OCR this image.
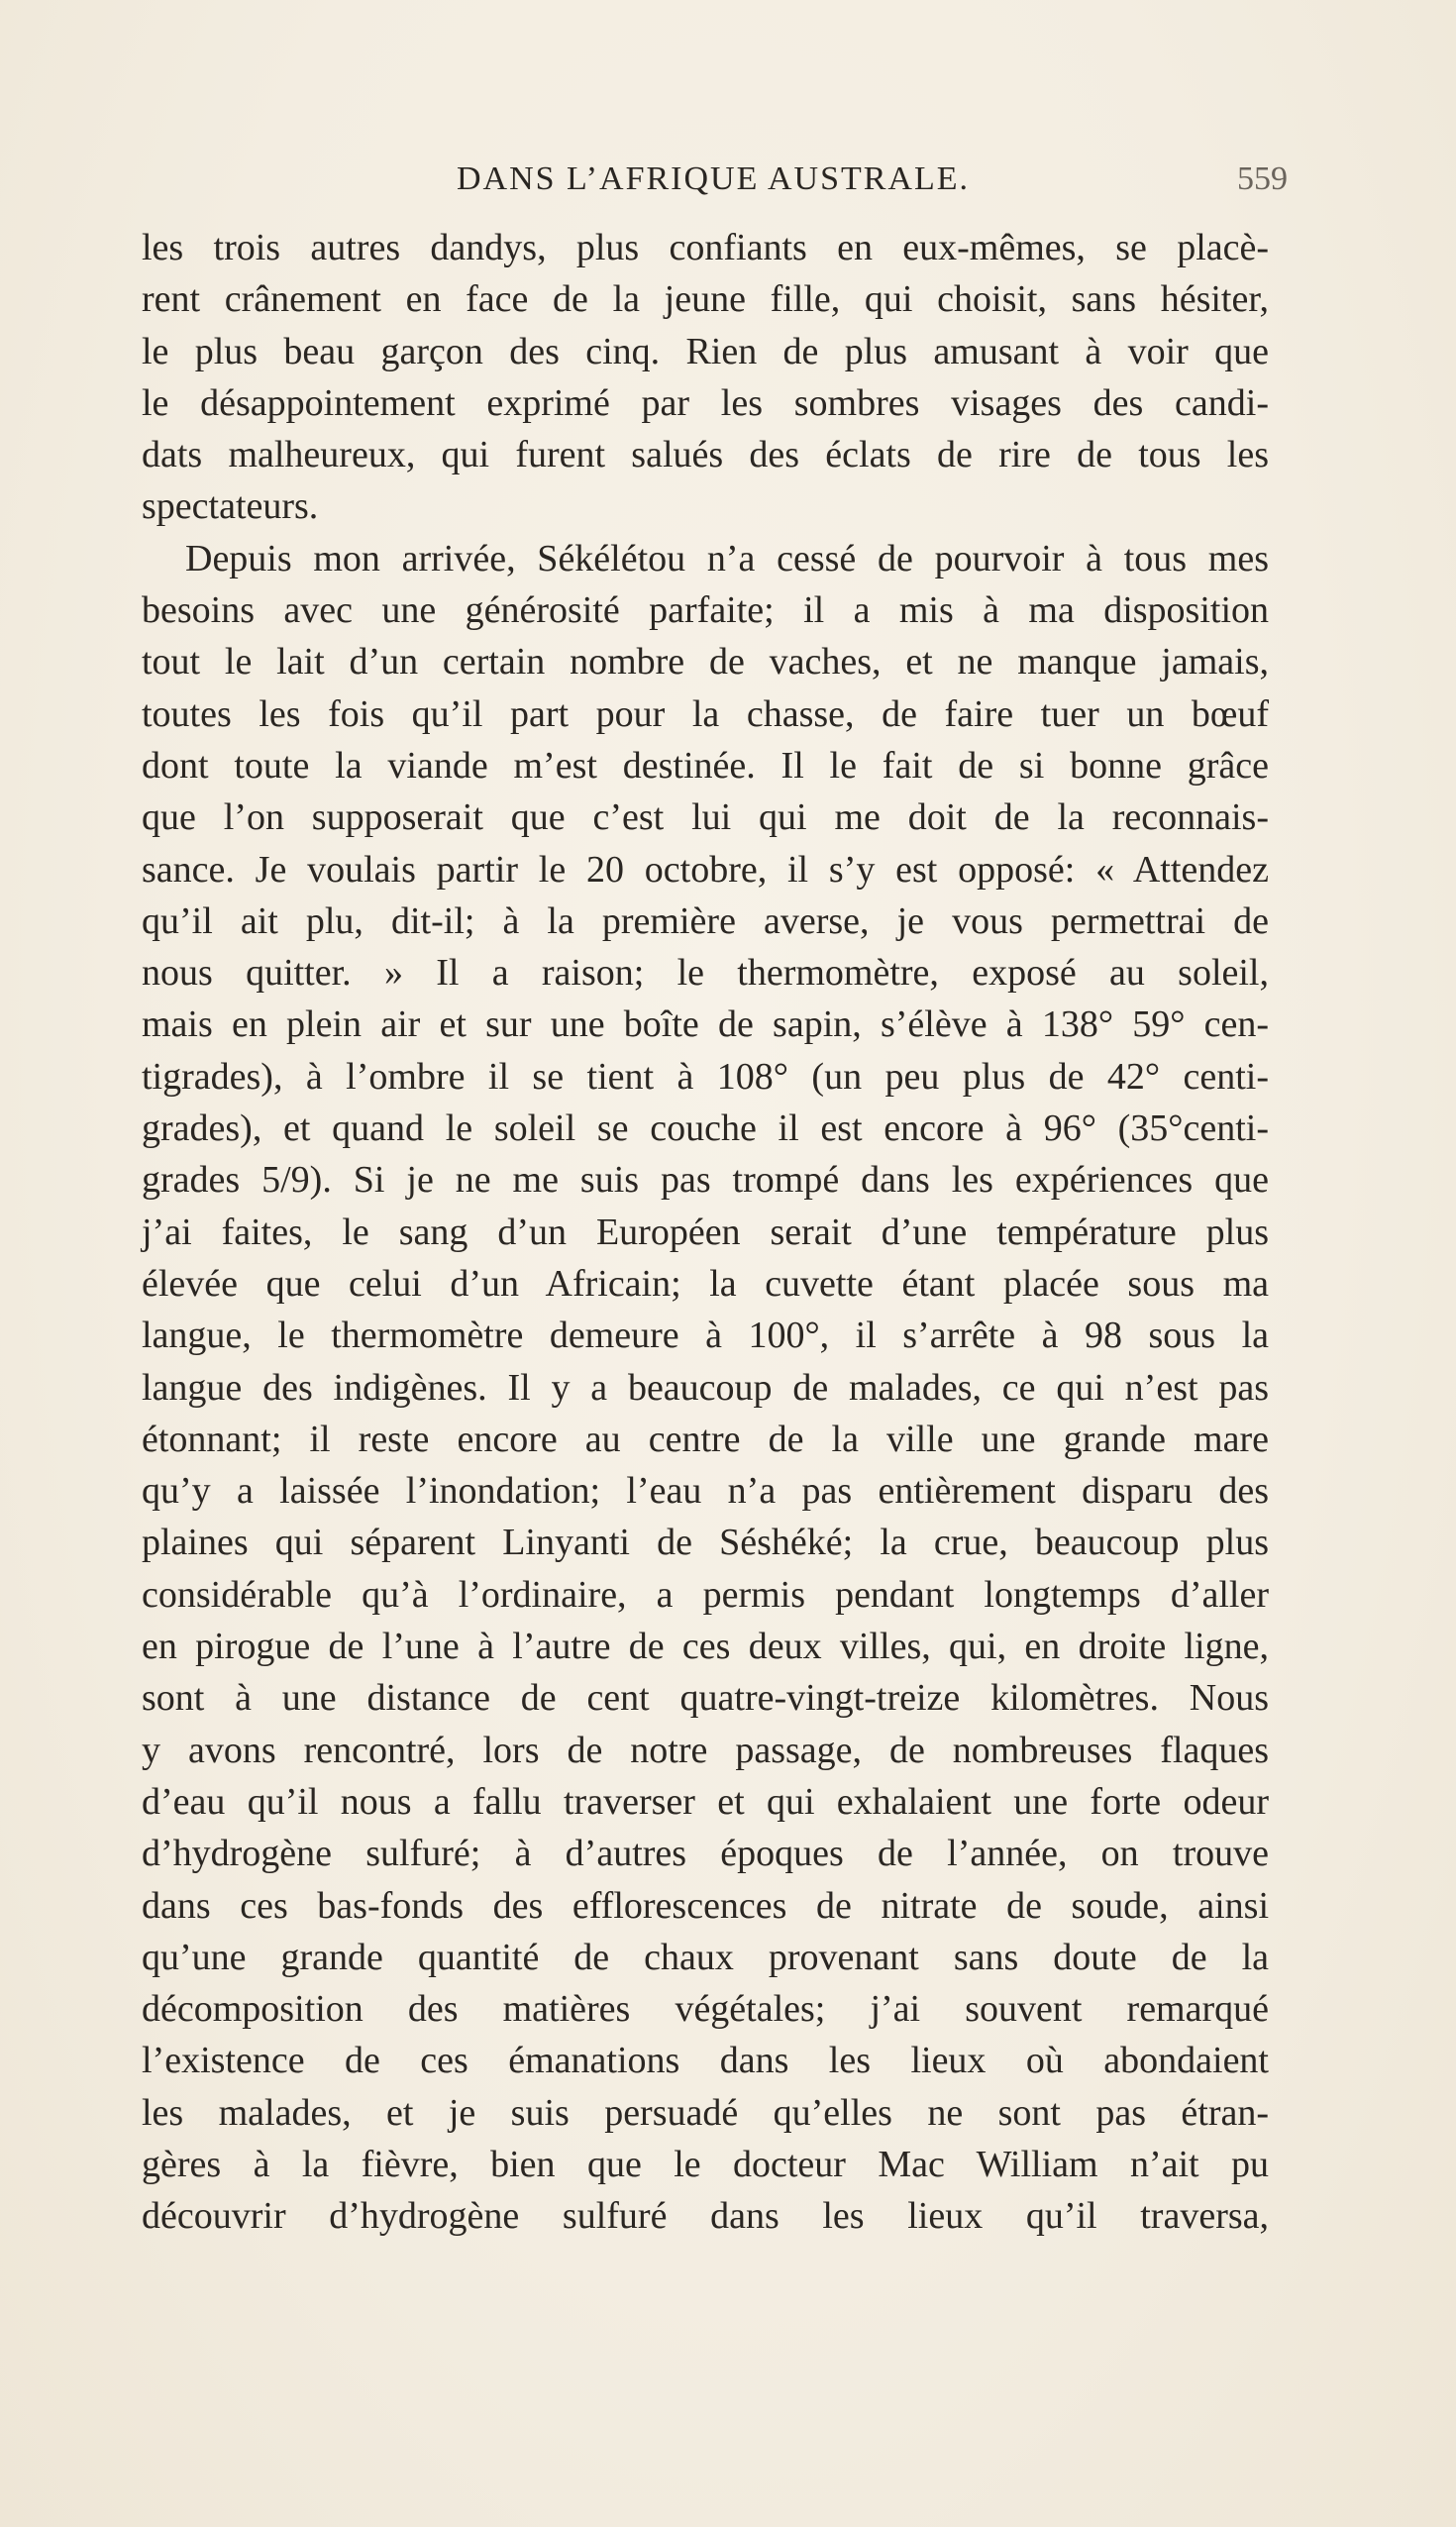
DANS L’AFRIQUE AUSTRALE.	559
les trois autres dandys, plus confiants en eux-mêmes, se placè-
rent crânement en face de la jeune fille, qui choisit, sans hésiter,
le plus beau garçon des cinq. Rien de plus amusant à voir que
le désappointement exprimé par les sombres visages des candi-
dats malheureux, qui furent salués des éclats de rire de tous les
spectateurs.
Depuis mon arrivée, Sékélétou n’a cessé de pourvoir à tous mes
besoins avec une générosité parfaite; il a mis à ma disposition
tout le lait d’un certain nombre de vaches, et ne manque jamais,
toutes les fois qu’il part pour la chasse, de faire tuer un bœuf
dont toute la viande m’est destinée. Il le fait de si bonne grâce
que l’on supposerait que c’est lui qui me doit de la reconnais-
sance. Je voulais partir le 20 octobre, il s’y est opposé: « Attendez
qu’il ait plu, dit-il; à la première averse, je vous permettrai de
nous quitter. » Il a raison; le thermomètre, exposé au soleil,
mais en plein air et sur une boîte de sapin, s’élève à 138° 59° cen-
tigrades), à l’ombre il se tient à 108° (un peu plus de 42° centi-
grades), et quand le soleil se couche il est encore à 96° (35°centi-
grades 5/9). Si je ne me suis pas trompé dans les expériences que
j’ai faites, le sang d’un Européen serait d’une température plus
élevée que celui d’un Africain; la cuvette étant placée sous ma
langue, le thermomètre demeure à 100°, il s’arrête à 98 sous la
langue des indigènes. Il y a beaucoup de malades, ce qui n’est pas
étonnant; il reste encore au centre de la ville une grande mare
qu’y a laissée l’inondation; l’eau n’a pas entièrement disparu des
plaines qui séparent Linyanti de Séshéké; la crue, beaucoup plus
considérable qu’à l’ordinaire, a permis pendant longtemps d’aller
en pirogue de l’une à l’autre de ces deux villes, qui, en droite ligne,
sont à une distance de cent quatre-vingt-treize kilomètres. Nous
y avons rencontré, lors de notre passage, de nombreuses flaques
d’eau qu’il nous a fallu traverser et qui exhalaient une forte odeur
d’hydrogène sulfuré; à d’autres époques de l’année, on trouve
dans ces bas-fonds des efflorescences de nitrate de soude, ainsi
qu’une grande quantité de chaux provenant sans doute de la
décomposition des matières végétales; j’ai souvent remarqué
l’existence de ces émanations dans les lieux où abondaient
les malades, et je suis persuadé qu’elles ne sont pas étran-
gères à la fièvre, bien que le docteur Mac William n’ait pu
découvrir d’hydrogène sulfuré dans les lieux qu’il traversa,
